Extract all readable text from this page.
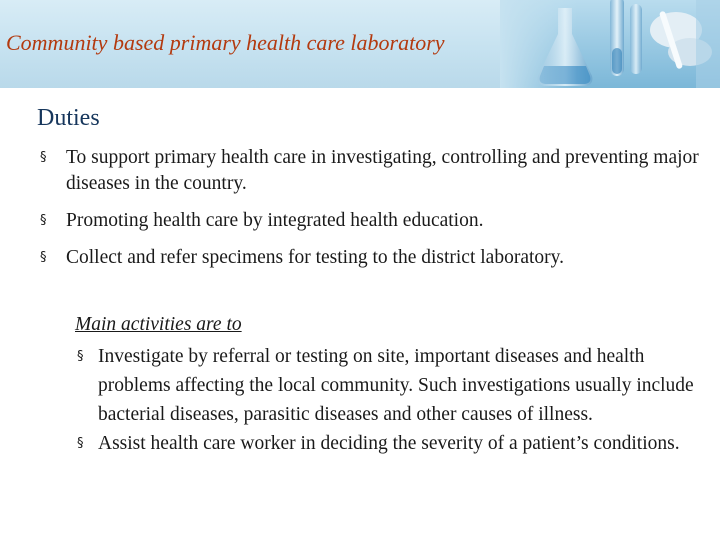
Community based primary health care laboratory
Duties
§ To support primary health care in investigating, controlling and preventing major diseases in the country.
§ Promoting health care by integrated health education.
§ Collect and refer specimens for testing to the district laboratory.
Main activities are to
§ Investigate by referral or testing on site, important diseases and health problems affecting the local community. Such investigations usually include bacterial diseases, parasitic diseases and other causes of illness.
§ Assist health care worker in deciding the severity of a patient’s conditions.
